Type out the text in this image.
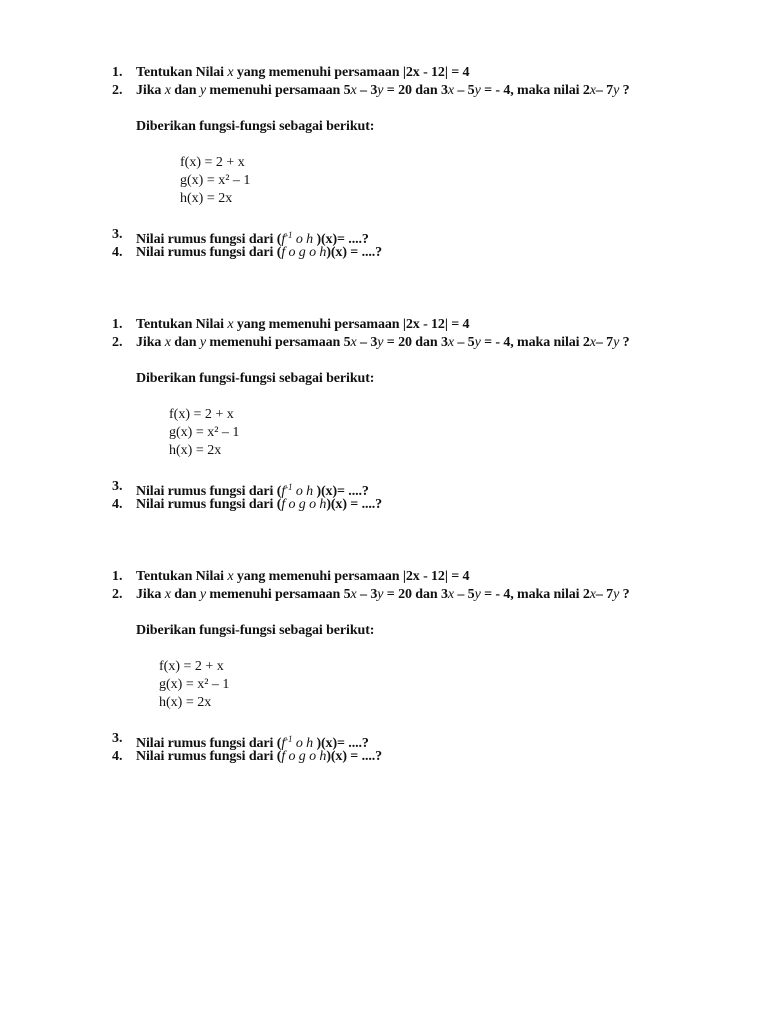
1. Tentukan Nilai x yang memenuhi persamaan |2x - 12| = 4
2. Jika x dan y memenuhi persamaan 5x – 3y = 20 dan 3x – 5y = - 4, maka nilai 2x– 7y ?
Diberikan fungsi-fungsi sebagai berikut:
f(x) = 2 + x
g(x) = x² – 1
h(x) = 2x
3. Nilai rumus fungsi dari ($f^{-1}$ o h )(x)= ....?
4. Nilai rumus fungsi dari (f o g o h)(x) = ....?
1. Tentukan Nilai x yang memenuhi persamaan |2x - 12| = 4
2. Jika x dan y memenuhi persamaan 5x – 3y = 20 dan 3x – 5y = - 4, maka nilai 2x– 7y ?
Diberikan fungsi-fungsi sebagai berikut:
f(x) = 2 + x
g(x) = x² – 1
h(x) = 2x
3. Nilai rumus fungsi dari ($f^{-1}$ o h )(x)= ....?
4. Nilai rumus fungsi dari (f o g o h)(x) = ....?
1. Tentukan Nilai x yang memenuhi persamaan |2x - 12| = 4
2. Jika x dan y memenuhi persamaan 5x – 3y = 20 dan 3x – 5y = - 4, maka nilai 2x– 7y ?
Diberikan fungsi-fungsi sebagai berikut:
f(x) = 2 + x
g(x) = x² – 1
h(x) = 2x
3. Nilai rumus fungsi dari ($f^{-1}$ o h )(x)= ....?
4. Nilai rumus fungsi dari (f o g o h)(x) = ....?
